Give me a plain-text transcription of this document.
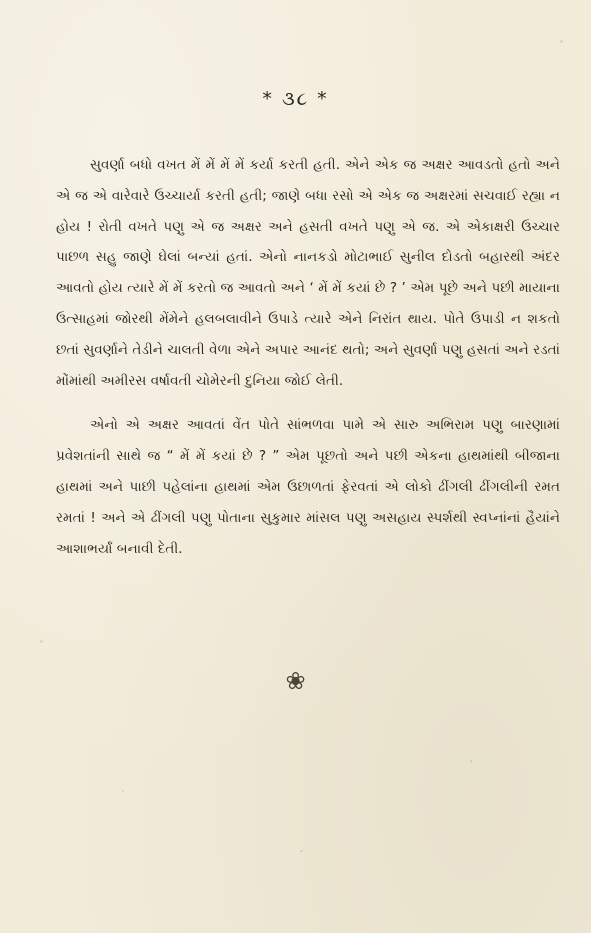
* ૩૮ *

સુવર્ણા બધો વખત મેં મેં મેં મેં કર્યા કરતી હતી. એને એક જ અક્ષર આવડતો હતો અને એ જ એ વારેવારે ઉચ્ચાર્યા કરતી હતી; જાણે બધા રસો એ એક જ અક્ષરમાં સચવાઈ રહ્યા ન હોય ! રોતી વખતે પણુ એ જ અક્ષર અને હસતી વખતે પણુ એ જ. એ એકાક્ષરી ઉચ્ચાર પાછળ સહુ જાણે ઘેલાં બન્યાં હતાં. એનો નાનકડો મોટાભાઈ સુનીલ દોડતો બહારથી અંદર આવતો હોય ત્યારે મેં મેં કરતો જ આવતો અને ‘ મેં મેં કયાં છે ? ’ એમ પૂછે અને પછી માયાના ઉત્સાહમાં જોરથી મેંમેને હલબલાવીને ઉપાડે ત્યારે એને નિરાંત થાય. પોતે ઉપાડી ન શકતો છતાં સુવર્ણાને તેડીને ચાલતી વેળા એને અપાર આનંદ થતો; અને સુવર્ણા પણુ હસતાં અને રડતાં મોંમાંથી અમીરસ વર્ષાવતી ચોમેરની દુનિયા જોઈ લેતી.

એનો એ અક્ષર આવતાં વેંત પોતે સાંભળવા પામે એ સારુ અભિરામ પણુ બારણામાં પ્રવેશતાંની સાથે જ “ મેં મેં કયાં છે ? ” એમ પૂછતો અને પછી એકના હાથમાંથી બીજાના હાથમાં અને પાછી પહેલાંના હાથમાં એમ ઉછાળતાં ફેરવતાં એ લોકો ઢીંગલી ઢીંગલીની રમત રમતાં ! અને એ ઢીંગલી પણુ પોતાના સુકુમાર માંસલ પણુ અસહાય સ્પર્શથી સ્વપ્નાંનાં હૈયાંને આશાભર્યાં બનાવી દેતી.

❀
